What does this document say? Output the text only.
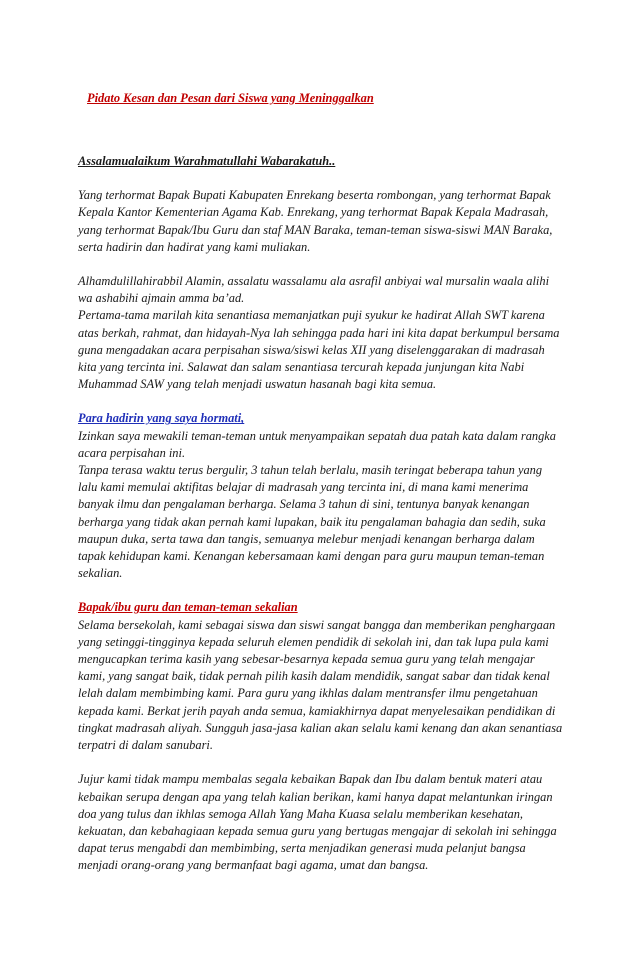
Pidato Kesan dan Pesan dari Siswa yang Meninggalkan

Assalamualaikum Warahmatullahi Wabarakatuh..

Yang terhormat Bapak Bupati Kabupaten Enrekang beserta rombongan, yang terhormat Bapak Kepala Kantor Kementerian Agama Kab. Enrekang, yang terhormat Bapak Kepala Madrasah, yang terhormat Bapak/Ibu Guru dan staf MAN Baraka, teman-teman siswa-siswi MAN Baraka, serta hadirin dan hadirat yang kami muliakan.

Alhamdulillahirabbil Alamin, assalatu wassalamu ala asrafil anbiyai wal mursalin waala alihi wa ashabihi ajmain amma ba’ad.

Pertama-tama marilah kita senantiasa memanjatkan puji syukur ke hadirat Allah SWT karena atas berkah, rahmat, dan hidayah-Nya lah sehingga pada hari ini kita dapat berkumpul bersama guna mengadakan acara perpisahan siswa/siswi kelas XII yang diselenggarakan di madrasah kita yang tercinta ini. Salawat dan salam senantiasa tercurah kepada junjungan kita Nabi Muhammad SAW yang telah menjadi uswatun hasanah bagi kita semua.

Para hadirin yang saya hormati,

Izinkan saya mewakili teman-teman untuk menyampaikan sepatah dua patah kata dalam rangka acara perpisahan ini.

Tanpa terasa waktu terus bergulir, 3 tahun telah berlalu, masih teringat beberapa tahun yang lalu kami memulai aktifitas belajar di madrasah yang tercinta ini, di mana kami menerima banyak ilmu dan pengalaman berharga. Selama 3 tahun di sini, tentunya banyak kenangan berharga yang tidak akan pernah kami lupakan, baik itu pengalaman bahagia dan sedih, suka maupun duka, serta tawa dan tangis, semuanya melebur menjadi kenangan berharga dalam tapak kehidupan kami. Kenangan kebersamaan kami dengan para guru maupun teman-teman sekalian.

Bapak/ibu guru dan teman-teman sekalian

Selama bersekolah, kami sebagai siswa dan siswi sangat bangga dan memberikan penghargaan yang setinggi-tingginya kepada seluruh elemen pendidik di sekolah ini, dan tak lupa pula kami mengucapkan terima kasih yang sebesar-besarnya kepada semua guru yang telah mengajar kami, yang sangat baik, tidak pernah pilih kasih dalam mendidik, sangat sabar dan tidak kenal lelah dalam membimbing kami. Para guru yang ikhlas dalam mentransfer ilmu pengetahuan kepada kami. Berkat jerih payah anda semua, kamiakhirnya dapat menyelesaikan pendidikan di tingkat madrasah aliyah. Sungguh jasa-jasa kalian akan selalu kami kenang dan akan senantiasa terpatri di dalam sanubari.

Jujur kami tidak mampu membalas segala kebaikan Bapak dan Ibu dalam bentuk materi atau kebaikan serupa dengan apa yang telah kalian berikan, kami hanya dapat melantunkan iringan doa yang tulus dan ikhlas semoga Allah Yang Maha Kuasa selalu memberikan kesehatan, kekuatan, dan kebahagiaan kepada semua guru yang bertugas mengajar di sekolah ini sehingga dapat terus mengabdi dan membimbing, serta menjadikan generasi muda pelanjut bangsa menjadi orang-orang yang bermanfaat bagi agama, umat dan bangsa.
